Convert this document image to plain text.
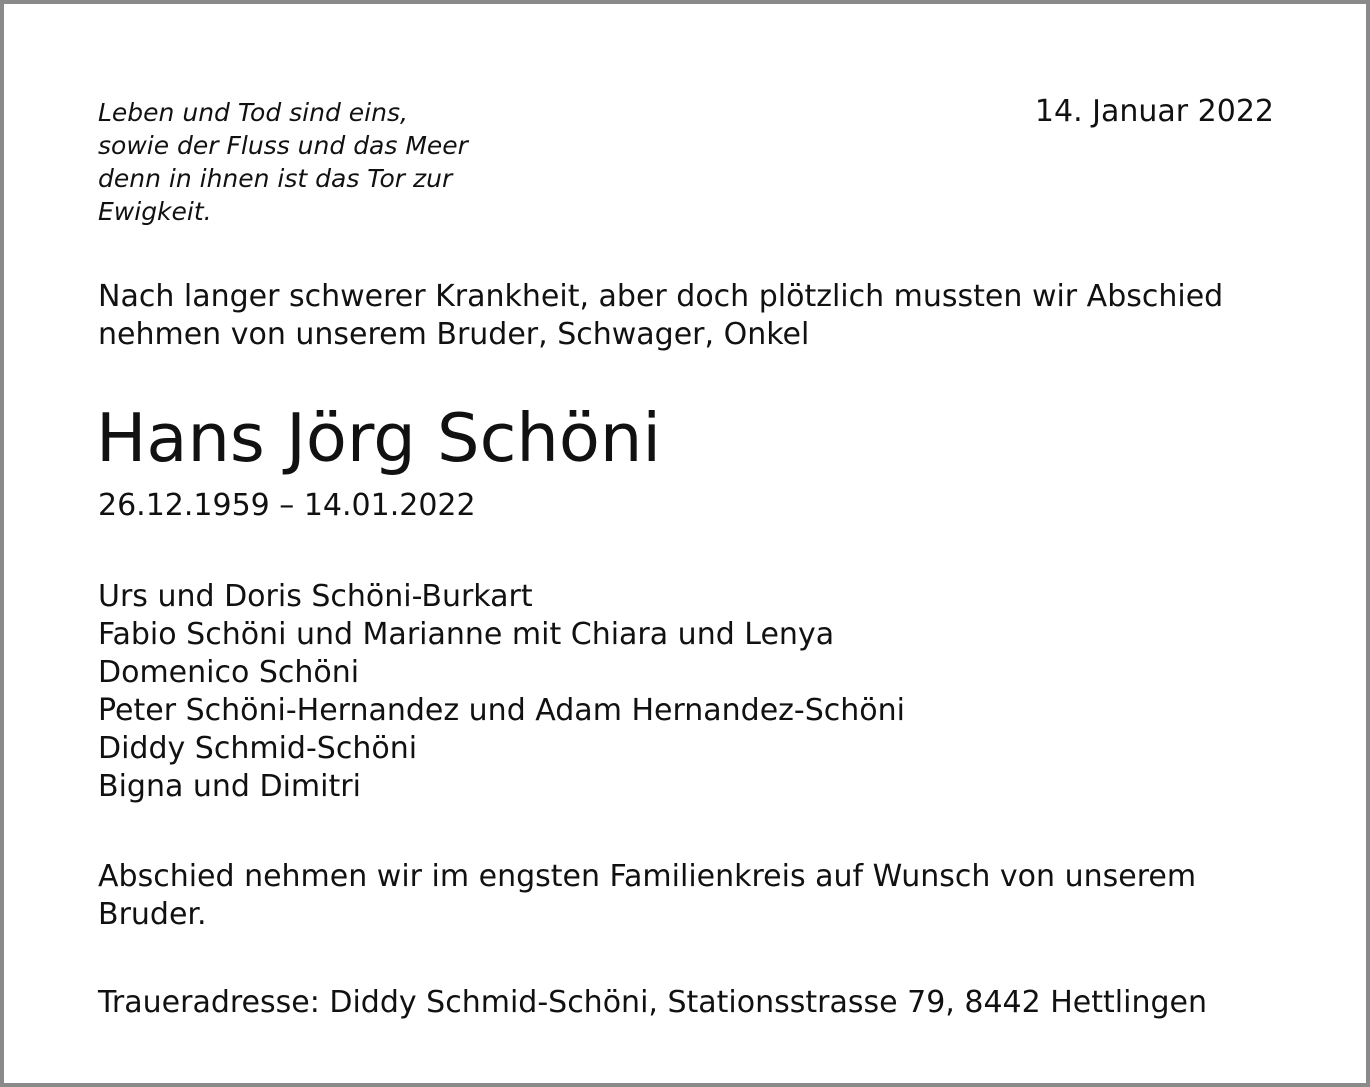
Leben und Tod sind eins,
sowie der Fluss und das Meer
denn in ihnen ist das Tor zur
Ewigkeit.
14. Januar 2022
Nach langer schwerer Krankheit, aber doch plötzlich mussten wir Abschied
nehmen von unserem Bruder, Schwager, Onkel
Hans Jörg Schöni
26.12.1959 – 14.01.2022
Urs und Doris Schöni-Burkart
Fabio Schöni und Marianne mit Chiara und Lenya
Domenico Schöni
Peter Schöni-Hernandez und Adam Hernandez-Schöni
Diddy Schmid-Schöni
Bigna und Dimitri
Abschied nehmen wir im engsten Familienkreis auf Wunsch von unserem
Bruder.
Traueradresse: Diddy Schmid-Schöni, Stationsstrasse 79, 8442 Hettlingen
